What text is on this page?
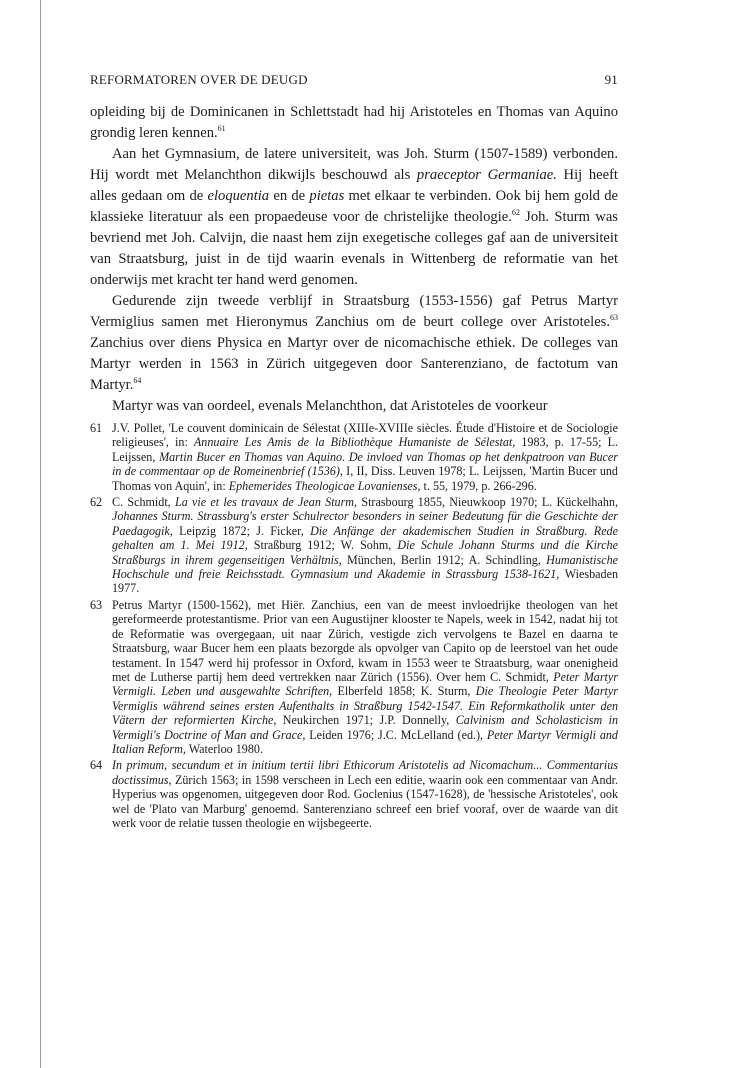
REFORMATOREN OVER DE DEUGD	91

opleiding bij de Dominicanen in Schlettstadt had hij Aristoteles en Thomas van Aquino grondig leren kennen.$^{61}$

Aan het Gymnasium, de latere universiteit, was Joh. Sturm (1507-1589) verbonden. Hij wordt met Melanchthon dikwijls beschouwd als praeceptor Germaniae. Hij heeft alles gedaan om de eloquentia en de pietas met elkaar te verbinden. Ook bij hem gold de klassieke literatuur als een propaedeuse voor de christelijke theologie.$^{62}$ Joh. Sturm was bevriend met Joh. Calvijn, die naast hem zijn exegetische colleges gaf aan de universiteit van Straatsburg, juist in de tijd waarin evenals in Wittenberg de reformatie van het onderwijs met kracht ter hand werd genomen.

Gedurende zijn tweede verblijf in Straatsburg (1553-1556) gaf Petrus Martyr Vermiglius samen met Hieronymus Zanchius om de beurt college over Aristoteles.$^{63}$ Zanchius over diens Physica en Martyr over de nicomachische ethiek. De colleges van Martyr werden in 1563 in Zürich uitgegeven door Santerenziano, de factotum van Martyr.$^{64}$

Martyr was van oordeel, evenals Melanchthon, dat Aristoteles de voorkeur

61 J.V. Pollet, 'Le couvent dominicain de Sélestat (XIIIe-XVIIIe siècles. Étude d'Histoire et de Sociologie religieuses', in: Annuaire Les Amis de la Bibliothèque Humaniste de Sélestat, 1983, p. 17-55; L. Leijssen, Martin Bucer en Thomas van Aquino. De invloed van Thomas op het denkpatroon van Bucer in de commentaar op de Romeinenbrief (1536), I, II, Diss. Leuven 1978; L. Leijssen, 'Martin Bucer und Thomas von Aquin', in: Ephemerides Theologicae Lovanienses, t. 55, 1979, p. 266-296.
62 C. Schmidt, La vie et les travaux de Jean Sturm, Strasbourg 1855, Nieuwkoop 1970; L. Kückelhahn, Johannes Sturm. Strassburg's erster Schulrector besonders in seiner Bedeutung für die Geschichte der Paedagogik, Leipzig 1872; J. Ficker, Die Anfänge der akademischen Studien in Straßburg. Rede gehalten am 1. Mei 1912, Straßburg 1912; W. Sohm, Die Schule Johann Sturms und die Kirche Straßburgs in ihrem gegenseitigen Verhältnis, München, Berlin 1912; A. Schindling, Humanistische Hochschule und freie Reichsstadt. Gymnasium und Akademie in Strassburg 1538-1621, Wiesbaden 1977.
63 Petrus Martyr (1500-1562), met Hiër. Zanchius, een van de meest invloedrijke theologen van het gereformeerde protestantisme. Prior van een Augustijner klooster te Napels, week in 1542, nadat hij tot de Reformatie was overgegaan, uit naar Zürich, vestigde zich vervolgens te Bazel en daarna te Straatsburg, waar Bucer hem een plaats bezorgde als opvolger van Capito op de leerstoel van het oude testament. In 1547 werd hij professor in Oxford, kwam in 1553 weer te Straatsburg, waar onenigheid met de Lutherse partij hem deed vertrekken naar Zürich (1556). Over hem C. Schmidt, Peter Martyr Vermigli. Leben und ausgewahlte Schriften, Elberfeld 1858; K. Sturm, Die Theologie Peter Martyr Vermiglis während seines ersten Aufenthalts in Straßburg 1542-1547. Ein Reformkatholik unter den Vätern der reformierten Kirche, Neukirchen 1971; J.P. Donnelly, Calvinism and Scholasticism in Vermigli's Doctrine of Man and Grace, Leiden 1976; J.C. McLelland (ed.), Peter Martyr Vermigli and Italian Reform, Waterloo 1980.
64 In primum, secundum et in initium tertii libri Ethicorum Aristotelis ad Nicomachum... Commentarius doctissimus, Zürich 1563; in 1598 verscheen in Lech een editie, waarin ook een commentaar van Andr. Hyperius was opgenomen, uitgegeven door Rod. Goclenius (1547-1628), de 'hessische Aristoteles', ook wel de 'Plato van Marburg' genoemd. Santerenziano schreef een brief vooraf, over de waarde van dit werk voor de relatie tussen theologie en wijsbegeerte.
